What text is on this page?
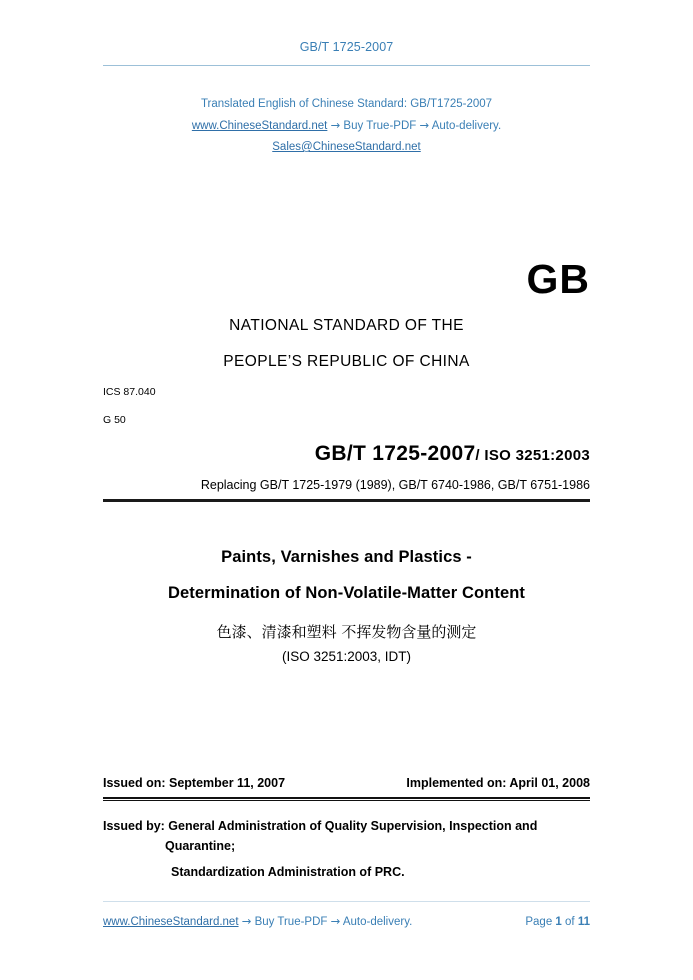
GB/T 1725-2007
Translated English of Chinese Standard: GB/T1725-2007
www.ChineseStandard.net → Buy True-PDF → Auto-delivery.
Sales@ChineseStandard.net
GB
NATIONAL STANDARD OF THE
PEOPLE’S REPUBLIC OF CHINA
ICS 87.040
G 50
GB/T 1725-2007/ ISO 3251:2003
Replacing GB/T 1725-1979 (1989), GB/T 6740-1986, GB/T 6751-1986
Paints, Varnishes and Plastics -
Determination of Non-Volatile-Matter Content
色漆、清漆和塑料 不挥发物含量的测定
(ISO 3251:2003, IDT)
Issued on: September 11, 2007	Implemented on: April 01, 2008
Issued by: General Administration of Quality Supervision, Inspection and
Quarantine;
Standardization Administration of PRC.
www.ChineseStandard.net → Buy True-PDF → Auto-delivery.	Page 1 of 11
